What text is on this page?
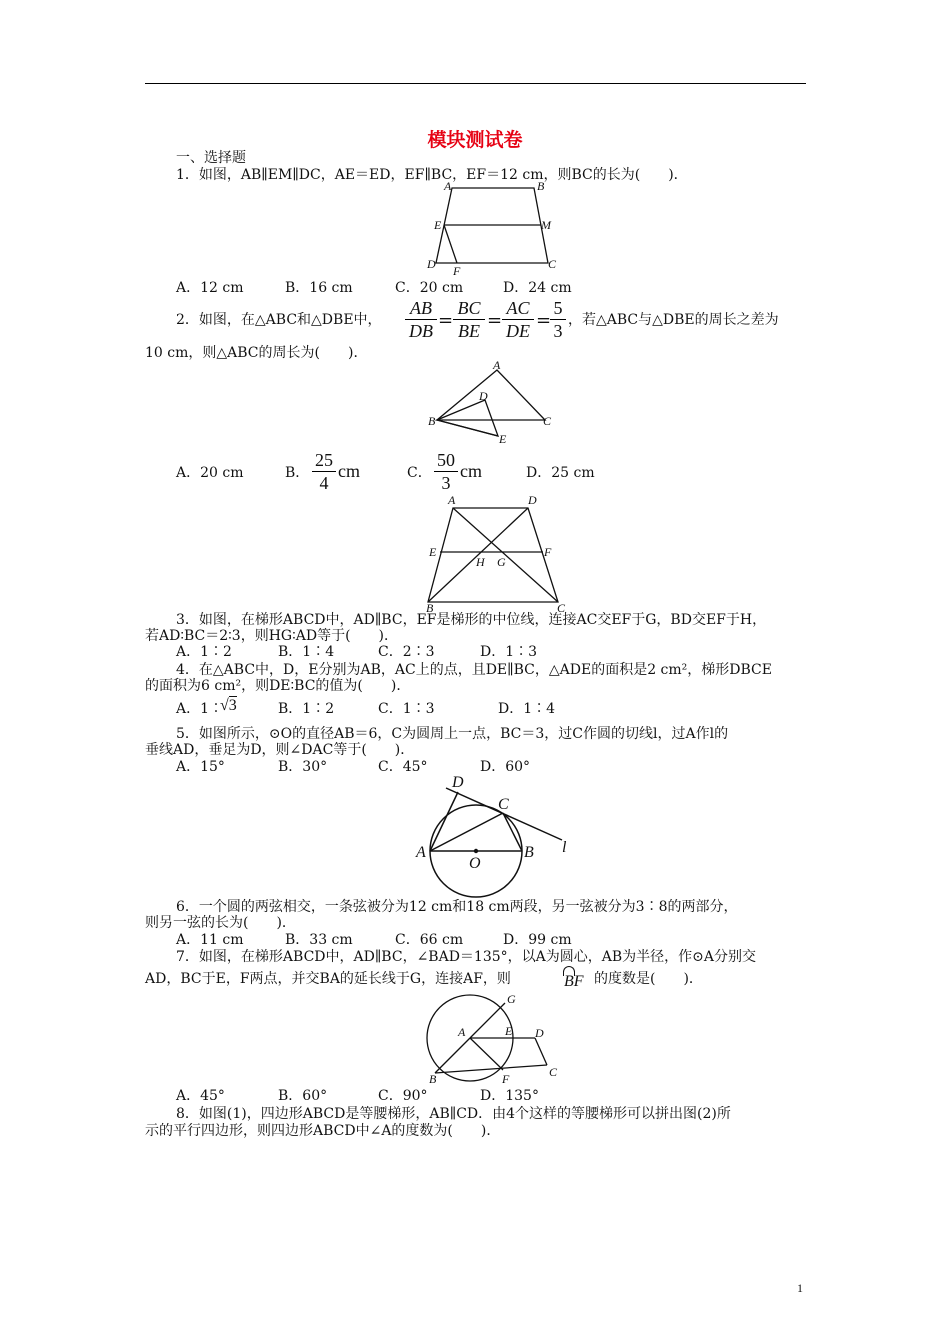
模块测试卷
一、选择题
1．如图，AB∥EM∥DC，AE＝ED，EF∥BC，EF＝12 cm，则BC的长为(　　)．
A	B
E	M
D F	C
A．12 cm	B．16 cm	C．20 cm	D．24 cm
2．如图，在△ABC和△DBE中， $\frac{AB}{DB} = \frac{BC}{BE} = \frac{AC}{DE}$ =
$\frac{5}{3}$ ，若△ABC与△DBE的周长之差为
10 cm，则△ABC的周长为(　　)．
A
B	C
D
E
A．20 cm	B． $\frac{25}{4}$ cm	C． $\frac{50}{3}$ cm	D．25 cm
A	D
E	F
H G
B	C
3．如图，在梯形ABCD中，AD∥BC，EF是梯形的中位线，连接AC交EF于G，BD交EF于H，
若AD∶BC＝2∶3，则HG∶AD等于(　　)．
A．1∶2	B．1∶4	C．2∶3	D．1∶3
4．在△ABC中，D，E分别为AB，AC上的点，且DE∥BC，△ADE的面积是2 cm²，梯形DBCE
的面积为6 cm²，则DE∶BC的值为(　　)．
A．1∶
√3	B．1∶2	C．1∶3	D．1∶4
5．如图所示，⊙O的直径AB＝6，C为圆周上一点，BC＝3，过C作圆的切线l，过A作l的
垂线AD，垂足为D，则∠DAC等于(　　)．
A．15°	B．30°	C．45°	D．60°
D
C
A
O
B l
6．一个圆的两弦相交，一条弦被分为12 cm和18 cm两段，另一弦被分为3∶8的两部分，
则另一弦的长为(　　)．
A．11 cm	B．33 cm	C．66 cm	D．99 cm
7．如图，在梯形ABCD中，AD∥BC，∠BAD＝135°，以A为圆心，AB为半径，作⊙A分别交
AD，BC于E，F两点，并交BA的延长线于G，连接AF，则	BF 的度数是(　　)．
G
A	E D
B	F	C
A．45°	B．60°	C．90°	D．135°
8．如图(1)，四边形ABCD是等腰梯形，AB∥CD．由4个这样的等腰梯形可以拼出图(2)所
示的平行四边形，则四边形ABCD中∠A的度数为(　　)．
1
